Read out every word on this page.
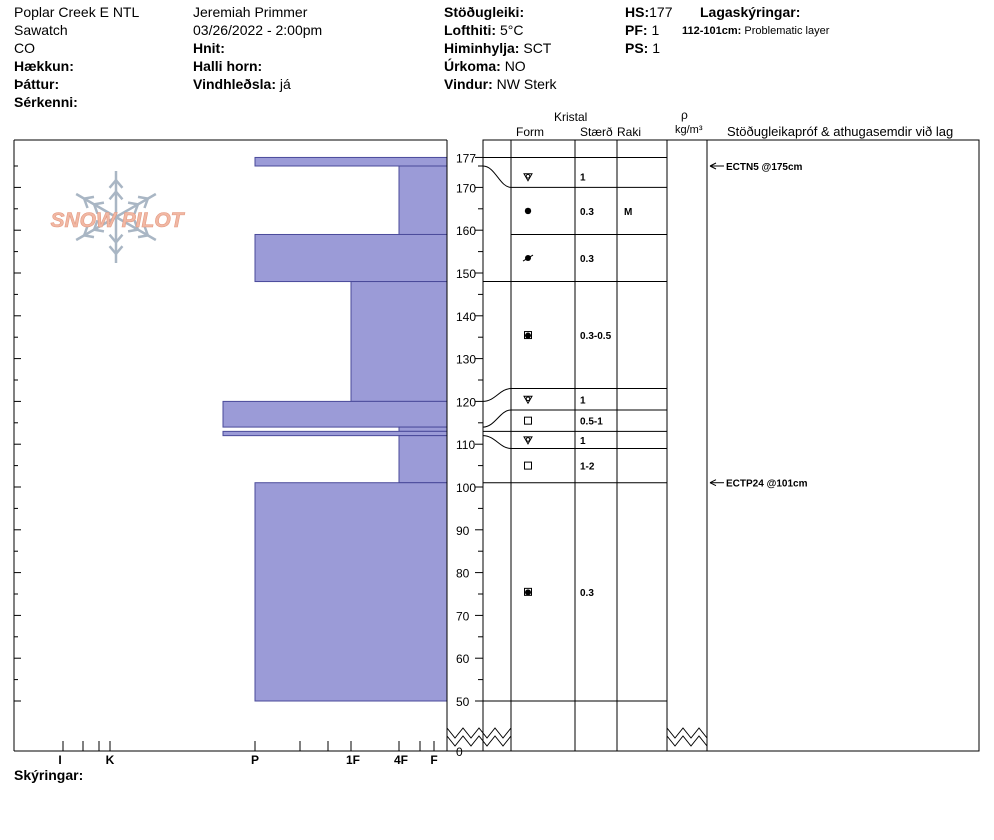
Poplar Creek E NTL
Sawatch
CO
Hækkun:
Þáttur:
Sérkenni:
Jeremiah Primmer
03/26/2022 - 2:00pm
Hnit:
Halli horn:
Vindhleðsla: já
Stöðugleiki:
Lofthiti: 5°C
Himinhylja: SCT
Úrkoma: NO
Vindur: NW Sterk
HS:177
PF: 1
PS: 1
Lagaskýringar:
112-101cm: Problematic layer
Kristal
Form	Stærð Raki
ρ
kg/m³ Stöðugleikapróf & athugasemdir við lag
Skýringar:
SNOW PILOT
1
0.3	M
0.3
0.3-0.5
1
0.5-1
1
1-2
0.3
50
60
70
80
90
100
110
120
130
140
150
160
170
177
0
I	K	P	1F	4F F
ECTN5 @175cm
ECTP24 @101cm
